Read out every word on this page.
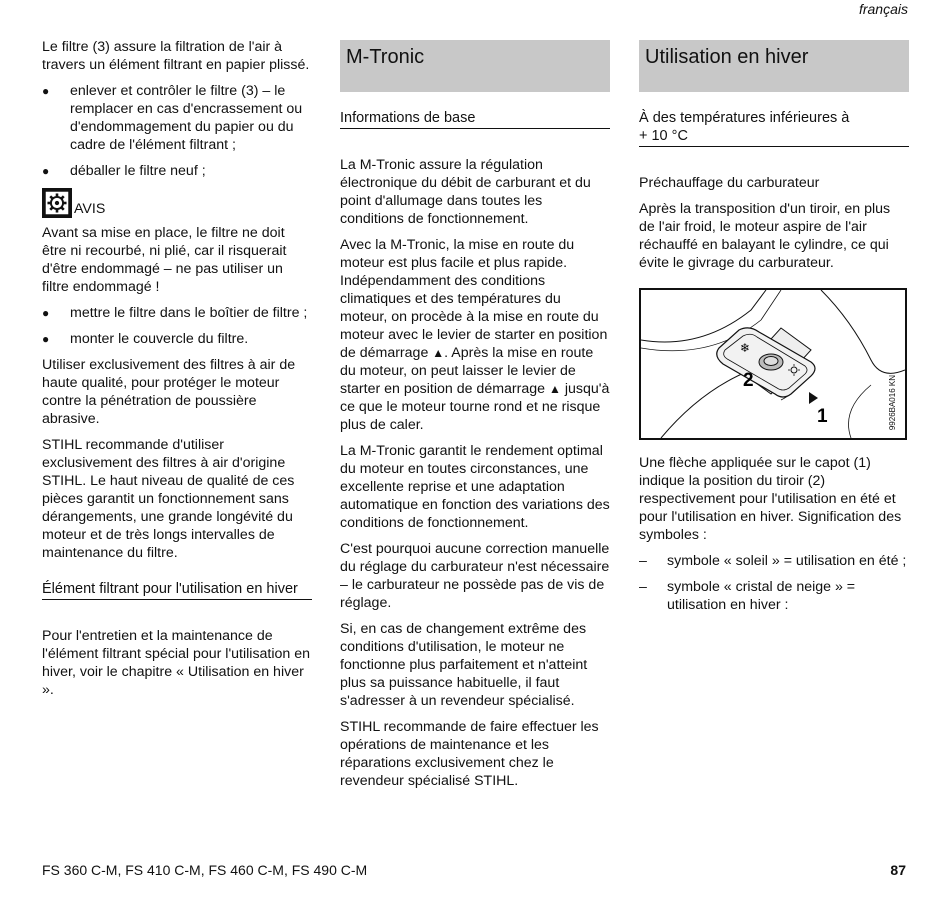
français

Le filtre (3) assure la filtration de l'air à travers un élément filtrant en papier plissé.

● enlever et contrôler le filtre (3) – le remplacer en cas d'encrassement ou d'endommagement du papier ou du cadre de l'élément filtrant ;
● déballer le filtre neuf ;
AVIS

Avant sa mise en place, le filtre ne doit être ni recourbé, ni plié, car il risquerait d'être endommagé – ne pas utiliser un filtre endommagé !

● mettre le filtre dans le boîtier de filtre ;
● monter le couvercle du filtre.

Utiliser exclusivement des filtres à air de haute qualité, pour protéger le moteur contre la pénétration de poussière abrasive.

STIHL recommande d'utiliser exclusivement des filtres à air d'origine STIHL. Le haut niveau de qualité de ces pièces garantit un fonctionnement sans dérangements, une grande longévité du moteur et de très longs intervalles de maintenance du filtre.

Élément filtrant pour l'utilisation en hiver

Pour l'entretien et la maintenance de l'élément filtrant spécial pour l'utilisation en hiver, voir le chapitre « Utilisation en hiver ».

M-Tronic
Informations de base

La M-Tronic assure la régulation électronique du débit de carburant et du point d'allumage dans toutes les conditions de fonctionnement.

Avec la M-Tronic, la mise en route du moteur est plus facile et plus rapide. Indépendamment des conditions climatiques et des températures du moteur, on procède à la mise en route du moteur avec le levier de starter en position de démarrage ▲. Après la mise en route du moteur, on peut laisser le levier de starter en position de démarrage ▲ jusqu'à ce que le moteur tourne rond et ne risque plus de caler.

La M-Tronic garantit le rendement optimal du moteur en toutes circonstances, une excellente reprise et une adaptation automatique en fonction des variations des conditions de fonctionnement.

C'est pourquoi aucune correction manuelle du réglage du carburateur n'est nécessaire – le carburateur ne possède pas de vis de réglage.

Si, en cas de changement extrême des conditions d'utilisation, le moteur ne fonctionne plus parfaitement et n'atteint plus sa puissance habituelle, il faut s'adresser à un revendeur spécialisé.

STIHL recommande de faire effectuer les opérations de maintenance et les réparations exclusivement chez le revendeur spécialisé STIHL.

Utilisation en hiver
À des températures inférieures à
+ 10 °C

Préchauffage du carburateur

Après la transposition d'un tiroir, en plus de l'air froid, le moteur aspire de l'air réchauffé en balayant le cylindre, ce qui évite le givrage du carburateur.

❄
2
1	9926BA016 KN

Une flèche appliquée sur le capot (1) indique la position du tiroir (2) respectivement pour l'utilisation en été et pour l'utilisation en hiver. Signification des symboles :

– symbole « soleil » = utilisation en été ;
– symbole « cristal de neige » = utilisation en hiver :
FS 360 C-M, FS 410 C-M, FS 460 C-M, FS 490 C-M	87
